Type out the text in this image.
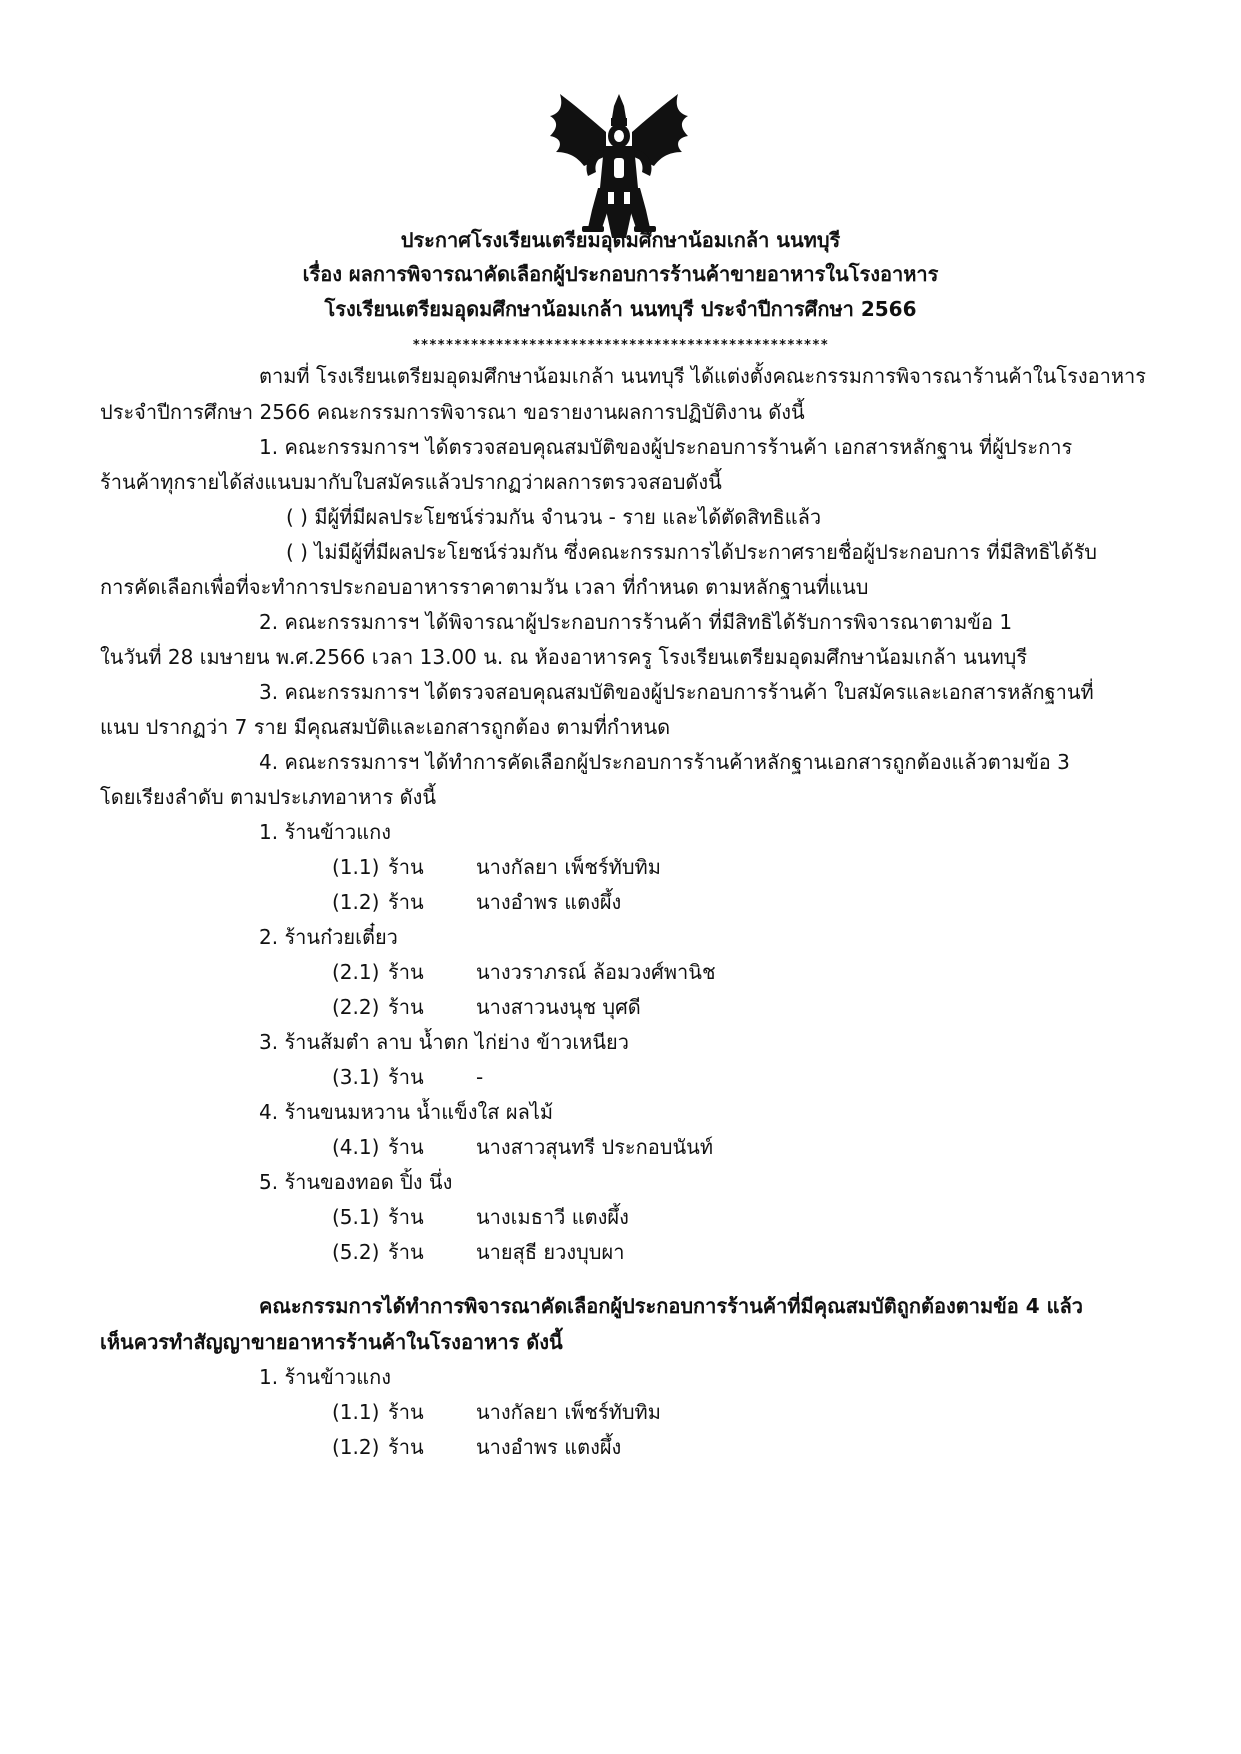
ประกาศโรงเรียนเตรียมอุดมศึกษาน้อมเกล้า นนทบุรี
เรื่อง ผลการพิจารณาคัดเลือกผู้ประกอบการร้านค้าขายอาหารในโรงอาหาร
โรงเรียนเตรียมอุดมศึกษาน้อมเกล้า นนทบุรี ประจำปีการศึกษา 2566
**************************************************
ตามที่ โรงเรียนเตรียมอุดมศึกษาน้อมเกล้า นนทบุรี ได้แต่งตั้งคณะกรรมการพิจารณาร้านค้าในโรงอาหาร
ประจำปีการศึกษา 2566 คณะกรรมการพิจารณา ขอรายงานผลการปฏิบัติงาน ดังนี้
1. คณะกรรมการฯ ได้ตรวจสอบคุณสมบัติของผู้ประกอบการร้านค้า เอกสารหลักฐาน ที่ผู้ประการ
ร้านค้าทุกรายได้ส่งแนบมากับใบสมัครแล้วปรากฏว่าผลการตรวจสอบดังนี้
( ) มีผู้ที่มีผลประโยชน์ร่วมกัน จำนวน - ราย และได้ตัดสิทธิแล้ว
( ) ไม่มีผู้ที่มีผลประโยชน์ร่วมกัน ซึ่งคณะกรรมการได้ประกาศรายชื่อผู้ประกอบการ ที่มีสิทธิได้รับ
การคัดเลือกเพื่อที่จะทำการประกอบอาหารราคาตามวัน เวลา ที่กำหนด ตามหลักฐานที่แนบ
2. คณะกรรมการฯ ได้พิจารณาผู้ประกอบการร้านค้า ที่มีสิทธิได้รับการพิจารณาตามข้อ 1
ในวันที่ 28 เมษายน พ.ศ.2566 เวลา 13.00 น. ณ ห้องอาหารครู โรงเรียนเตรียมอุดมศึกษาน้อมเกล้า นนทบุรี
3. คณะกรรมการฯ ได้ตรวจสอบคุณสมบัติของผู้ประกอบการร้านค้า ใบสมัครและเอกสารหลักฐานที่
แนบ ปรากฏว่า 7 ราย มีคุณสมบัติและเอกสารถูกต้อง ตามที่กำหนด
4. คณะกรรมการฯ ได้ทำการคัดเลือกผู้ประกอบการร้านค้าหลักฐานเอกสารถูกต้องแล้วตามข้อ 3
โดยเรียงลำดับ ตามประเภทอาหาร ดังนี้
1. ร้านข้าวแกง
(1.1) ร้าน	นางกัลยา เพ็ชร์ทับทิม
(1.2) ร้าน	นางอำพร แตงผึ้ง
2. ร้านก๋วยเตี๋ยว
(2.1) ร้าน	นางวราภรณ์ ล้อมวงศ์พานิช
(2.2) ร้าน	นางสาวนงนุช บุศดี
3. ร้านส้มตำ ลาบ น้ำตก ไก่ย่าง ข้าวเหนียว
(3.1) ร้าน	-
4. ร้านขนมหวาน น้ำแข็งใส ผลไม้
(4.1) ร้าน	นางสาวสุนทรี ประกอบนันท์
5. ร้านของทอด ปิ้ง นึ่ง
(5.1) ร้าน	นางเมธาวี แตงผึ้ง
(5.2) ร้าน	นายสุธี ยวงบุบผา
คณะกรรมการได้ทำการพิจารณาคัดเลือกผู้ประกอบการร้านค้าที่มีคุณสมบัติถูกต้องตามข้อ 4 แล้ว
เห็นควรทำสัญญาขายอาหารร้านค้าในโรงอาหาร ดังนี้
1. ร้านข้าวแกง
(1.1) ร้าน	นางกัลยา เพ็ชร์ทับทิม
(1.2) ร้าน	นางอำพร แตงผึ้ง
